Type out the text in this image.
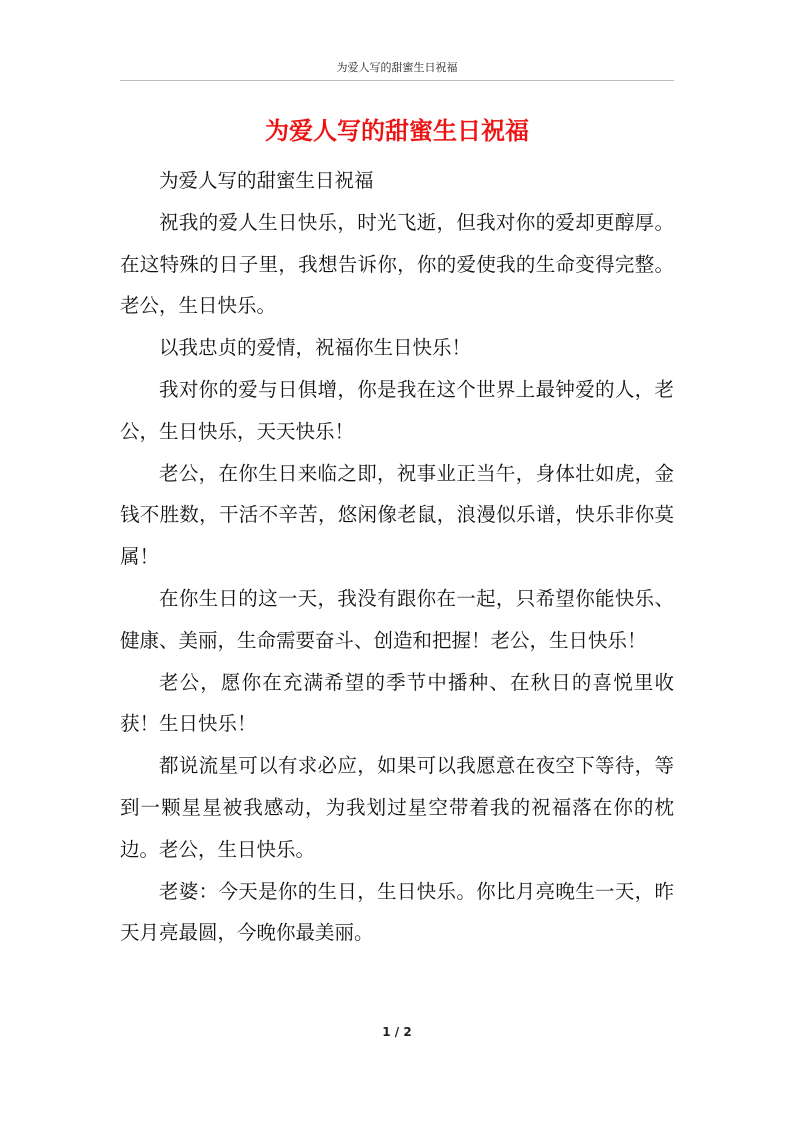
为爱人写的甜蜜生日祝福
为爱人写的甜蜜生日祝福

为爱人写的甜蜜生日祝福

祝我的爱人生日快乐，时光飞逝，但我对你的爱却更醇厚。在这特殊的日子里，我想告诉你，你的爱使我的生命变得完整。老公，生日快乐。

以我忠贞的爱情，祝福你生日快乐！

我对你的爱与日俱增，你是我在这个世界上最钟爱的人，老公，生日快乐，天天快乐！

老公，在你生日来临之即，祝事业正当午，身体壮如虎，金钱不胜数，干活不辛苦，悠闲像老鼠，浪漫似乐谱，快乐非你莫属！

在你生日的这一天，我没有跟你在一起，只希望你能快乐、健康、美丽，生命需要奋斗、创造和把握！老公，生日快乐！

老公，愿你在充满希望的季节中播种、在秋日的喜悦里收获！生日快乐！

都说流星可以有求必应，如果可以我愿意在夜空下等待，等到一颗星星被我感动，为我划过星空带着我的祝福落在你的枕边。老公，生日快乐。

老婆：今天是你的生日，生日快乐。你比月亮晚生一天，昨天月亮最圆，今晚你最美丽。

1 / 2
